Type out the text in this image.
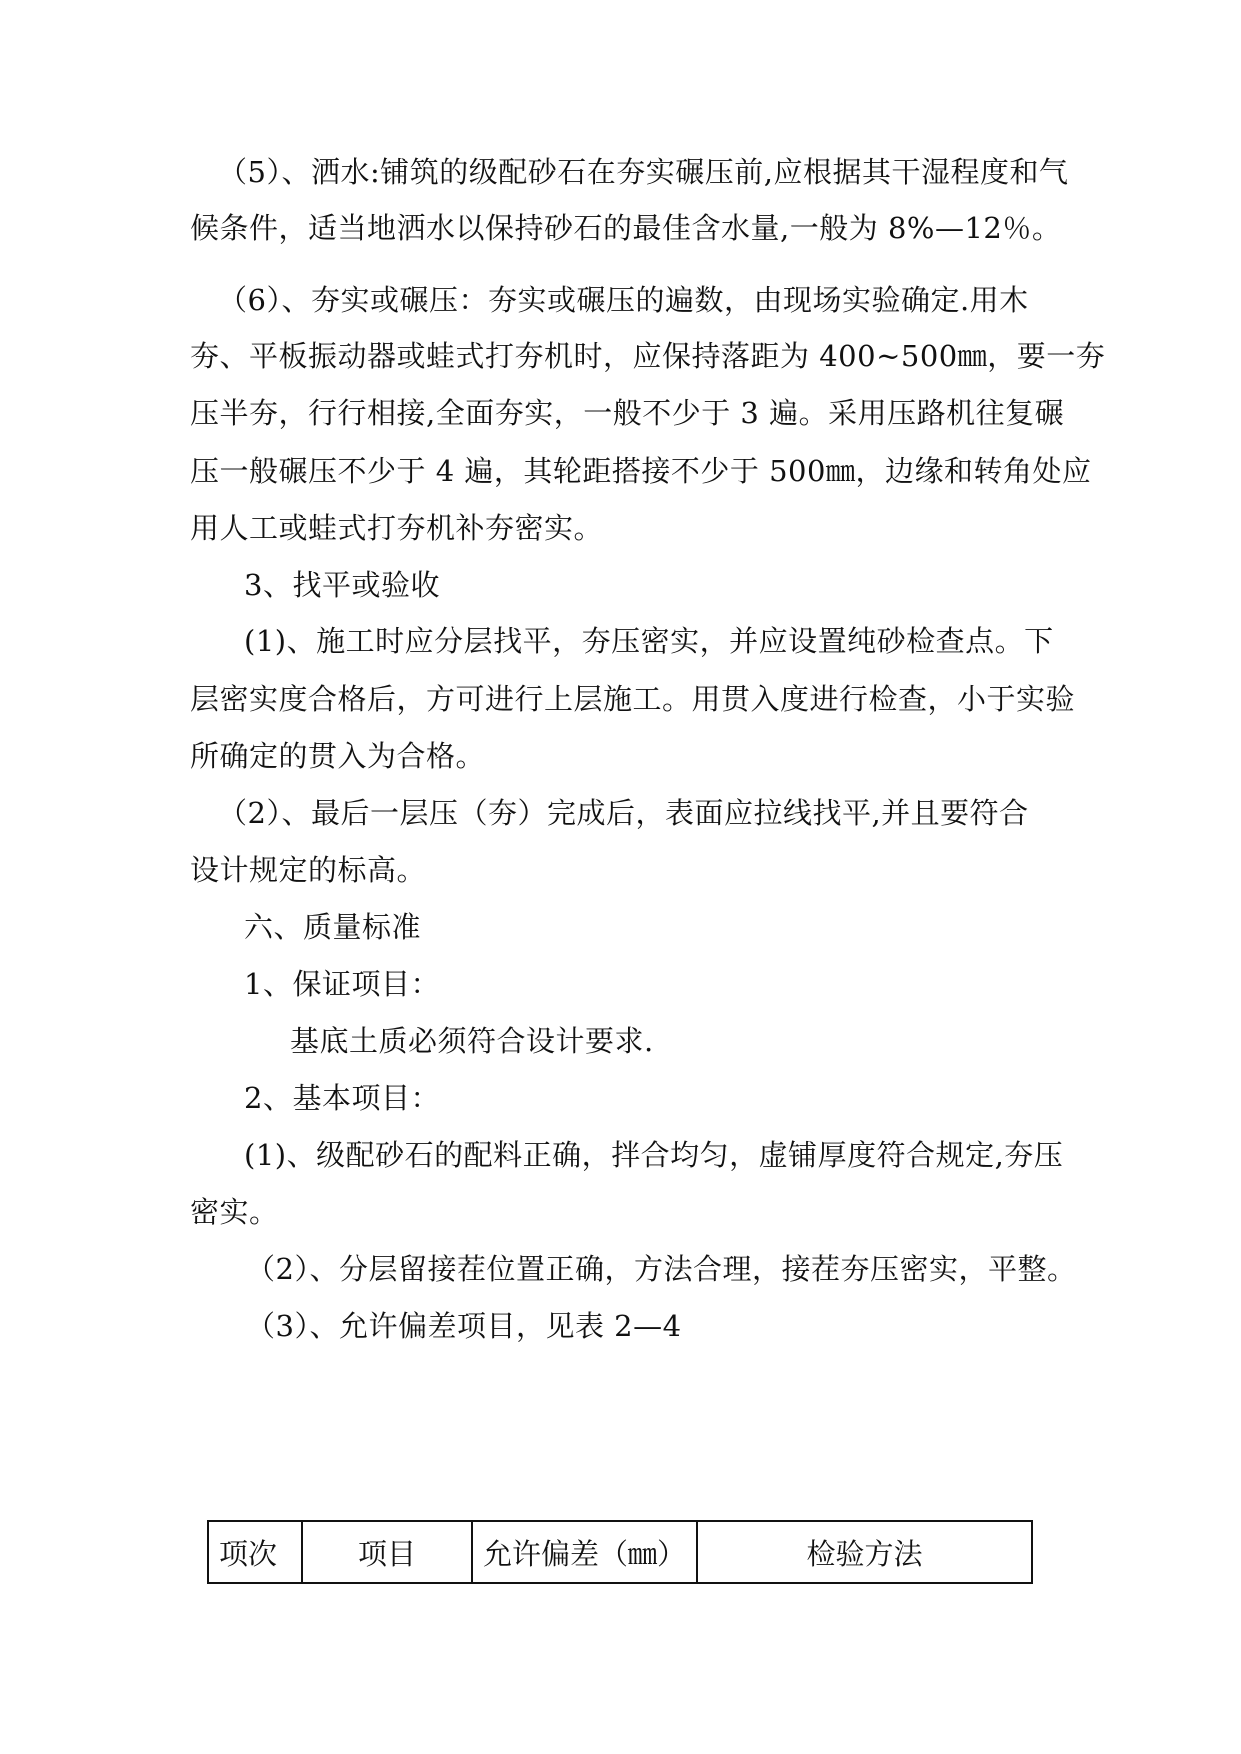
（5）、洒水:铺筑的级配砂石在夯实碾压前,应根据其干湿程度和气
候条件，适当地洒水以保持砂石的最佳含水量,一般为 8%—12％。
（6）、夯实或碾压：夯实或碾压的遍数，由现场实验确定.用木
夯、平板振动器或蛙式打夯机时，应保持落距为 400~500㎜，要一夯
压半夯，行行相接,全面夯实，一般不少于 3 遍。采用压路机往复碾
压一般碾压不少于 4 遍，其轮距搭接不少于 500㎜，边缘和转角处应
用人工或蛙式打夯机补夯密实。
3、找平或验收
(1)、施工时应分层找平，夯压密实，并应设置纯砂检查点。下
层密实度合格后，方可进行上层施工。用贯入度进行检查，小于实验
所确定的贯入为合格。
（2）、最后一层压（夯）完成后，表面应拉线找平,并且要符合
设计规定的标高。
六、质量标准
1、保证项目：
基底土质必须符合设计要求.
2、基本项目：
(1)、级配砂石的配料正确，拌合均匀，虚铺厚度符合规定,夯压
密实。
（2）、分层留接茬位置正确，方法合理，接茬夯压密实，平整。
（3）、允许偏差项目，见表 2—4
项次	项目	允许偏差（㎜）	检验方法
